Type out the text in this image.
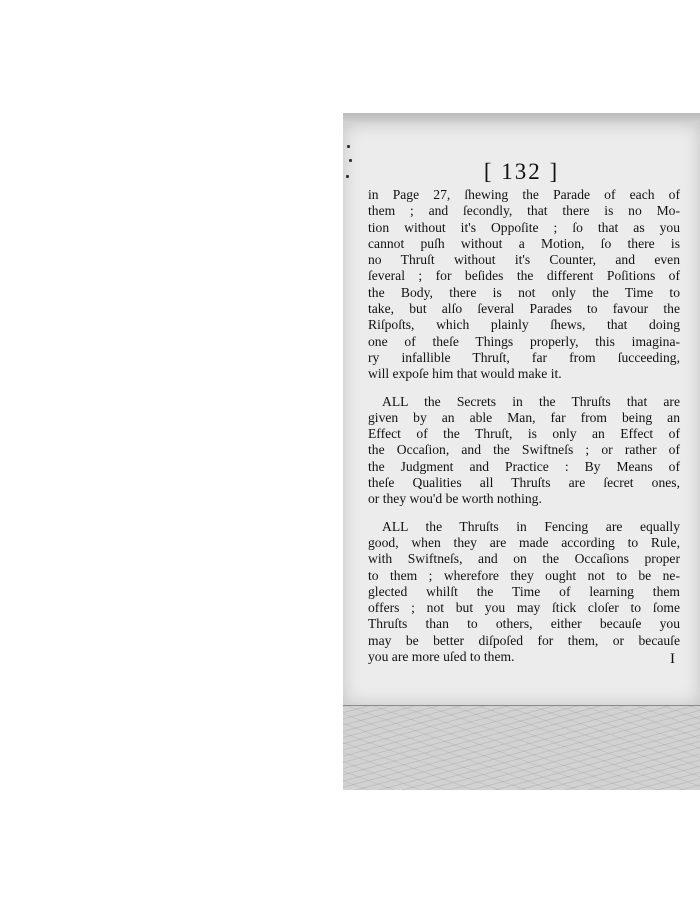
[ 132 ]
in Page 27, ſhewing the Parade of each of
them ; and ſecondly, that there is no Mo-
tion without it's Oppoſite ; ſo that as you
cannot puſh without a Motion, ſo there is
no Thruſt without it's Counter, and even
ſeveral ; for beſides the different Poſitions of
the Body, there is not only the Time to
take, but alſo ſeveral Parades to favour the
Riſpoſts, which plainly ſhews, that doing
one of theſe Things properly, this imagina-
ry infallible Thruſt, far from ſucceeding,
will expoſe him that would make it.
ALL the Secrets in the Thruſts that are
given by an able Man, far from being an
Effect of the Thruſt, is only an Effect of
the Occaſion, and the Swiftneſs ; or rather of
the Judgment and Practice : By Means of
theſe Qualities all Thruſts are ſecret ones,
or they wou'd be worth nothing.
ALL the Thruſts in Fencing are equally
good, when they are made according to Rule,
with Swiftneſs, and on the Occaſions proper
to them ; wherefore they ought not to be ne-
glected whilſt the Time of learning them
offers ; not but you may ſtick cloſer to ſome
Thruſts than to others, either becauſe you
may be better diſpoſed for them, or becauſe
you are more uſed to them.	I
